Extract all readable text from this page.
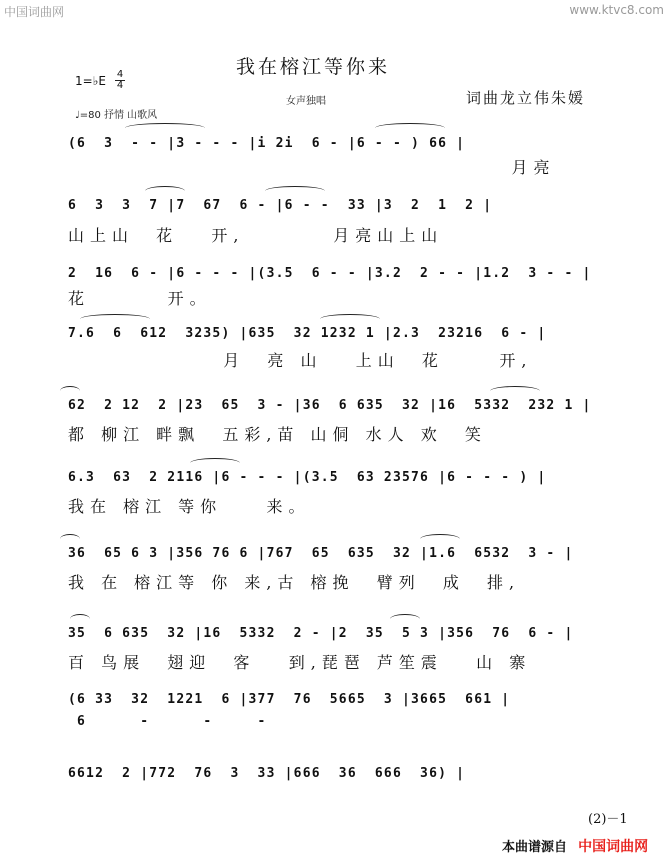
中国词曲网	www.ktvc8.com
我在榕江等你来
1=♭E $\frac{4}{4}$
女声独唱	词曲龙立伟朱媛
♩=80 抒情 山歌风
(6  3  - - |3 - - - |i 2i  6 - |6 - - ) 66 |
月亮
6  3  3  7 |7  67  6 - |6 - -  33 |3  2  1  2 |
山上山  花   开,        月亮山上山
2  16  6 - |6 - - - |(3.5  6 - - |3.2  2 - - |1.2  3 - - |
花       开。
7.6  6  612  3235) |635  32 1232 1 |2.3  23216  6 - |
月  亮 山   上山  花     开,
62  2 12  2 |23  65  3 - |36  6 635  32 |16  5332  232 1 |
都 柳江 畔飘  五彩,苗 山侗 水人 欢  笑
6.3  63  2 2116 |6 - - - |(3.5  63 23576 |6 - - - ) |
我在 榕江 等你    来。
36  65 6 3 |356 76 6 |767  65  635  32 |1.6  6532  3 - |
我 在 榕江等 你 来,古 榕挽  臂列  成  排,
35  6 635  32 |16  5332  2 - |2  35  5 3 |356  76  6 - |
百 鸟展  翅迎  客   到,琵琶 芦笙震   山 寨
(6 33  32  1221  6 |377  76  5665  3 |3665  661 |
6      -      -     -
6612  2 |772  76  3  33 |666  36  666  36) |
(2)－1
本曲谱源自 中国词曲网
